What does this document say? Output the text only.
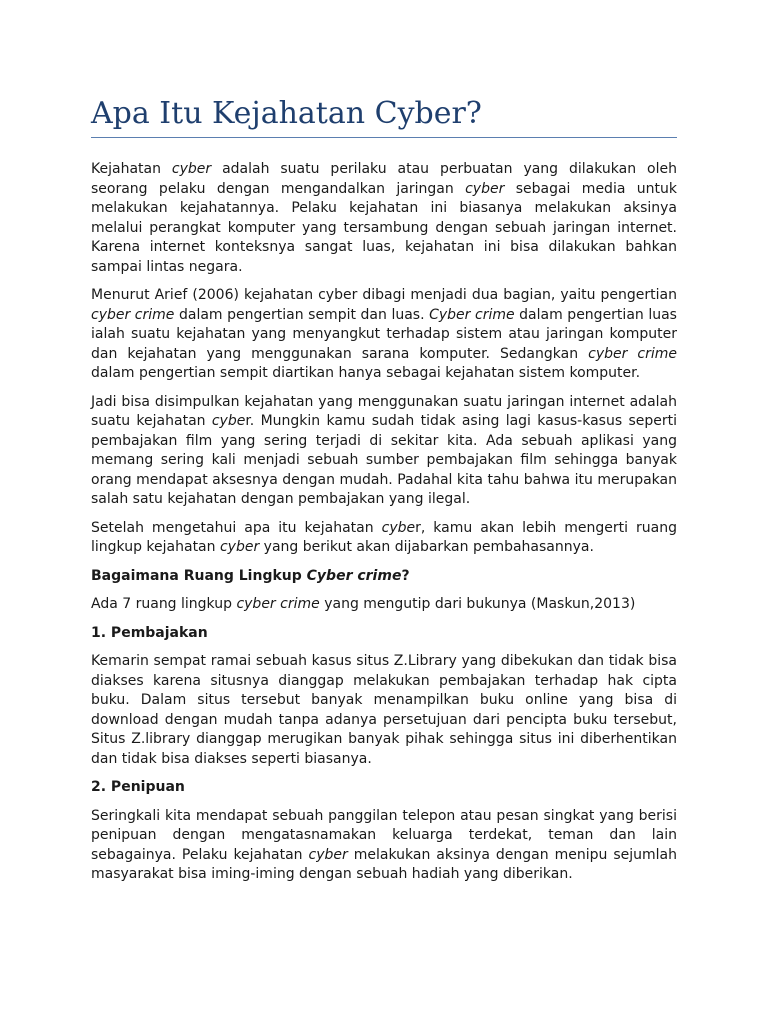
Apa Itu Kejahatan Cyber?

Kejahatan cyber adalah suatu perilaku atau perbuatan yang dilakukan oleh seorang pelaku dengan mengandalkan jaringan cyber sebagai media untuk melakukan kejahatannya. Pelaku kejahatan ini biasanya melakukan aksinya melalui perangkat komputer yang tersambung dengan sebuah jaringan internet. Karena internet konteksnya sangat luas, kejahatan ini bisa dilakukan bahkan sampai lintas negara.

Menurut Arief (2006) kejahatan cyber dibagi menjadi dua bagian, yaitu pengertian cyber crime dalam pengertian sempit dan luas. Cyber crime dalam pengertian luas ialah suatu kejahatan yang menyangkut terhadap sistem atau jaringan komputer dan kejahatan yang menggunakan sarana komputer. Sedangkan cyber crime dalam pengertian sempit diartikan hanya sebagai kejahatan sistem komputer.

Jadi bisa disimpulkan kejahatan yang menggunakan suatu jaringan internet adalah suatu kejahatan cyber. Mungkin kamu sudah tidak asing lagi kasus-kasus seperti pembajakan film yang sering terjadi di sekitar kita. Ada sebuah aplikasi yang memang sering kali menjadi sebuah sumber pembajakan film sehingga banyak orang mendapat aksesnya dengan mudah. Padahal kita tahu bahwa itu merupakan salah satu kejahatan dengan pembajakan yang ilegal.

Setelah mengetahui apa itu kejahatan cyber, kamu akan lebih mengerti ruang lingkup kejahatan cyber yang berikut akan dijabarkan pembahasannya.

Bagaimana Ruang Lingkup Cyber crime?

Ada 7 ruang lingkup cyber crime yang mengutip dari bukunya (Maskun,2013)

1. Pembajakan

Kemarin sempat ramai sebuah kasus situs Z.Library yang dibekukan dan tidak bisa diakses karena situsnya dianggap melakukan pembajakan terhadap hak cipta buku. Dalam situs tersebut banyak menampilkan buku online yang bisa di download dengan mudah tanpa adanya persetujuan dari pencipta buku tersebut, Situs Z.library dianggap merugikan banyak pihak sehingga situs ini diberhentikan dan tidak bisa diakses seperti biasanya.

2. Penipuan

Seringkali kita mendapat sebuah panggilan telepon atau pesan singkat yang berisi penipuan dengan mengatasnamakan keluarga terdekat, teman dan lain sebagainya. Pelaku kejahatan cyber melakukan aksinya dengan menipu sejumlah masyarakat bisa iming-iming dengan sebuah hadiah yang diberikan.
